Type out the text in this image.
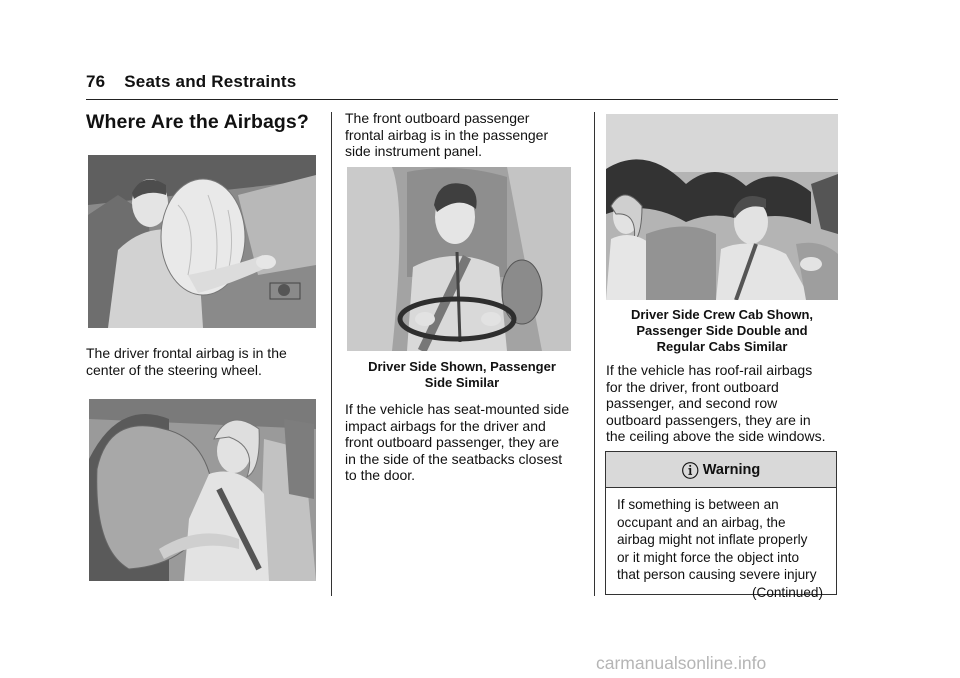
76 Seats and Restraints
Where Are the Airbags?

The driver frontal airbag is in the
center of the steering wheel.

The front outboard passenger
frontal airbag is in the passenger
side instrument panel.

Driver Side Shown, Passenger
Side Similar

If the vehicle has seat-mounted side
impact airbags for the driver and
front outboard passenger, they are
in the side of the seatbacks closest
to the door.

Driver Side Crew Cab Shown,
Passenger Side Double and
Regular Cabs Similar

If the vehicle has roof-rail airbags
for the driver, front outboard
passenger, and second row
outboard passengers, they are in
the ceiling above the side windows.

ⓘ Warning
If something is between an
occupant and an airbag, the
airbag might not inflate properly
or it might force the object into
that person causing severe injury
(Continued)
carmanualsonline.info
